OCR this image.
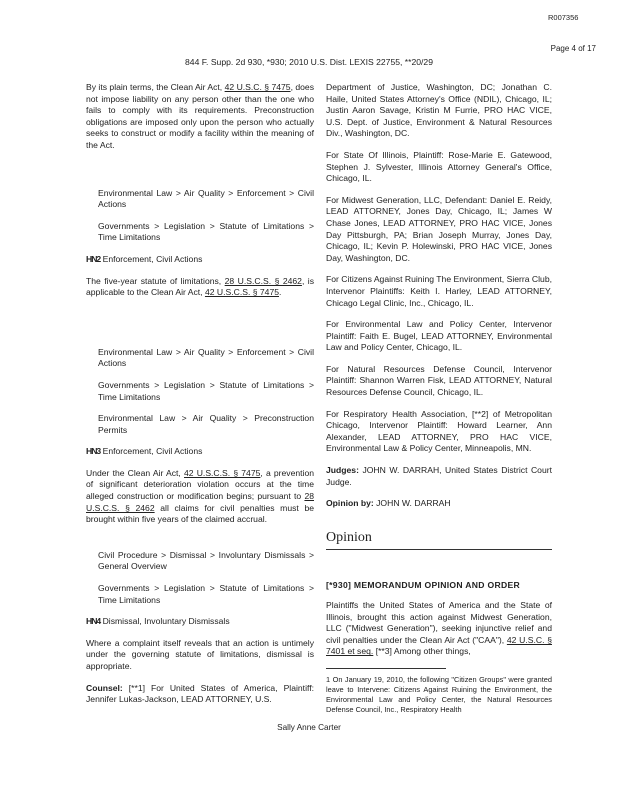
R007356
Page 4 of 17
844 F. Supp. 2d 930, *930; 2010 U.S. Dist. LEXIS 22755, **20/29

By its plain terms, the Clean Air Act, 42 U.S.C. § 7475, does not impose liability on any person other than the one who fails to comply with its requirements. Preconstruction obligations are imposed only upon the person who actually seeks to construct or modify a facility within the meaning of the Act.

Environmental Law > Air Quality > Enforcement > Civil Actions

Governments > Legislation > Statute of Limitations > Time Limitations

HN2 Enforcement, Civil Actions

The five-year statute of limitations, 28 U.S.C.S. § 2462, is applicable to the Clean Air Act, 42 U.S.C.S. § 7475.

Environmental Law > Air Quality > Enforcement > Civil Actions

Governments > Legislation > Statute of Limitations > Time Limitations

Environmental Law > Air Quality > Preconstruction Permits

HN3 Enforcement, Civil Actions

Under the Clean Air Act, 42 U.S.C.S. § 7475, a prevention of significant deterioration violation occurs at the time alleged construction or modification begins; pursuant to 28 U.S.C.S. § 2462 all claims for civil penalties must be brought within five years of the claimed accrual.

Civil Procedure > Dismissal > Involuntary Dismissals > General Overview

Governments > Legislation > Statute of Limitations > Time Limitations

HN4 Dismissal, Involuntary Dismissals

Where a complaint itself reveals that an action is untimely under the governing statute of limitations, dismissal is appropriate.

Counsel: [**1] For United States of America, Plaintiff: Jennifer Lukas-Jackson, LEAD ATTORNEY, U.S.

Department of Justice, Washington, DC; Jonathan C. Haile, United States Attorney's Office (NDIL), Chicago, IL; Justin Aaron Savage, Kristin M Furrie, PRO HAC VICE, U.S. Dept. of Justice, Environment & Natural Resources Div., Washington, DC.

For State Of Illinois, Plaintiff: Rose-Marie E. Gatewood, Stephen J. Sylvester, Illinois Attorney General's Office, Chicago, IL.

For Midwest Generation, LLC, Defendant: Daniel E. Reidy, LEAD ATTORNEY, Jones Day, Chicago, IL; James W Chase Jones, LEAD ATTORNEY, PRO HAC VICE, Jones Day Pittsburgh, PA; Brian Joseph Murray, Jones Day, Chicago, IL; Kevin P. Holewinski, PRO HAC VICE, Jones Day, Washington, DC.

For Citizens Against Ruining The Environment, Sierra Club, Intervenor Plaintiffs: Keith I. Harley, LEAD ATTORNEY, Chicago Legal Clinic, Inc., Chicago, IL.

For Environmental Law and Policy Center, Intervenor Plaintiff: Faith E. Bugel, LEAD ATTORNEY, Environmental Law and Policy Center, Chicago, IL.

For Natural Resources Defense Council, Intervenor Plaintiff: Shannon Warren Fisk, LEAD ATTORNEY, Natural Resources Defense Council, Chicago, IL.

For Respiratory Health Association, [**2] of Metropolitan Chicago, Intervenor Plaintiff: Howard Learner, Ann Alexander, LEAD ATTORNEY, PRO HAC VICE, Environmental Law & Policy Center, Minneapolis, MN.

Judges: JOHN W. DARRAH, United States District Court Judge.

Opinion by: JOHN W. DARRAH

Opinion
[*930] MEMORANDUM OPINION AND ORDER

Plaintiffs the United States of America and the State of Illinois, brought this action against Midwest Generation, LLC ("Midwest Generation"), seeking injunctive relief and civil penalties under the Clean Air Act ("CAA"), 42 U.S.C. § 7401 et seq. [**3] Among other things,

1 On January 19, 2010, the following "Citizen Groups" were granted leave to Intervene: Citizens Against Ruining the Environment, the Environmental Law and Policy Center, the Natural Resources Defense Council, Inc., Respiratory Health

Sally Anne Carter
